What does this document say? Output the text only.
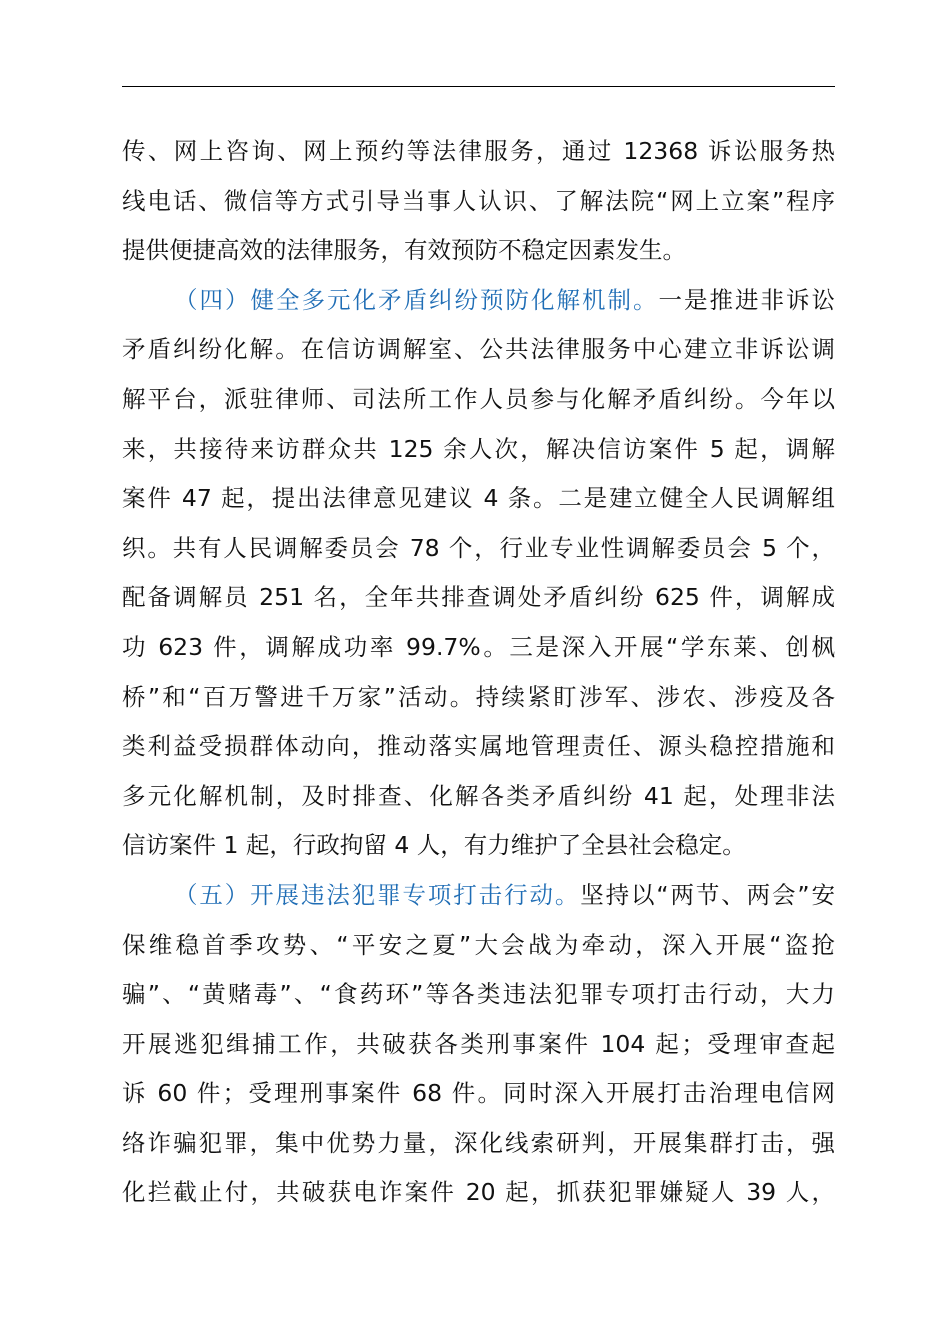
传、网上咨询、网上预约等法律服务，通过 12368 诉讼服务热
线电话、微信等方式引导当事人认识、了解法院“网上立案”程序
提供便捷高效的法律服务，有效预防不稳定因素发生。
（四）健全多元化矛盾纠纷预防化解机制。一是推进非诉讼
矛盾纠纷化解。在信访调解室、公共法律服务中心建立非诉讼调
解平台，派驻律师、司法所工作人员参与化解矛盾纠纷。今年以
来，共接待来访群众共 125 余人次，解决信访案件 5 起，调解
案件 47 起，提出法律意见建议 4 条。二是建立健全人民调解组
织。共有人民调解委员会 78 个，行业专业性调解委员会 5 个，
配备调解员 251 名，全年共排查调处矛盾纠纷 625 件，调解成
功 623 件，调解成功率 99.7%。三是深入开展“学东莱、创枫
桥”和“百万警进千万家”活动。持续紧盯涉军、涉农、涉疫及各
类利益受损群体动向，推动落实属地管理责任、源头稳控措施和
多元化解机制，及时排查、化解各类矛盾纠纷 41 起，处理非法
信访案件 1 起，行政拘留 4 人，有力维护了全县社会稳定。
（五）开展违法犯罪专项打击行动。坚持以“两节、两会”安
保维稳首季攻势、“平安之夏”大会战为牵动，深入开展“盗抢
骗”、“黄赌毒”、“食药环”等各类违法犯罪专项打击行动，大力
开展逃犯缉捕工作，共破获各类刑事案件 104 起；受理审查起
诉 60 件；受理刑事案件 68 件。同时深入开展打击治理电信网
络诈骗犯罪，集中优势力量，深化线索研判，开展集群打击，强
化拦截止付，共破获电诈案件 20 起，抓获犯罪嫌疑人 39 人，
